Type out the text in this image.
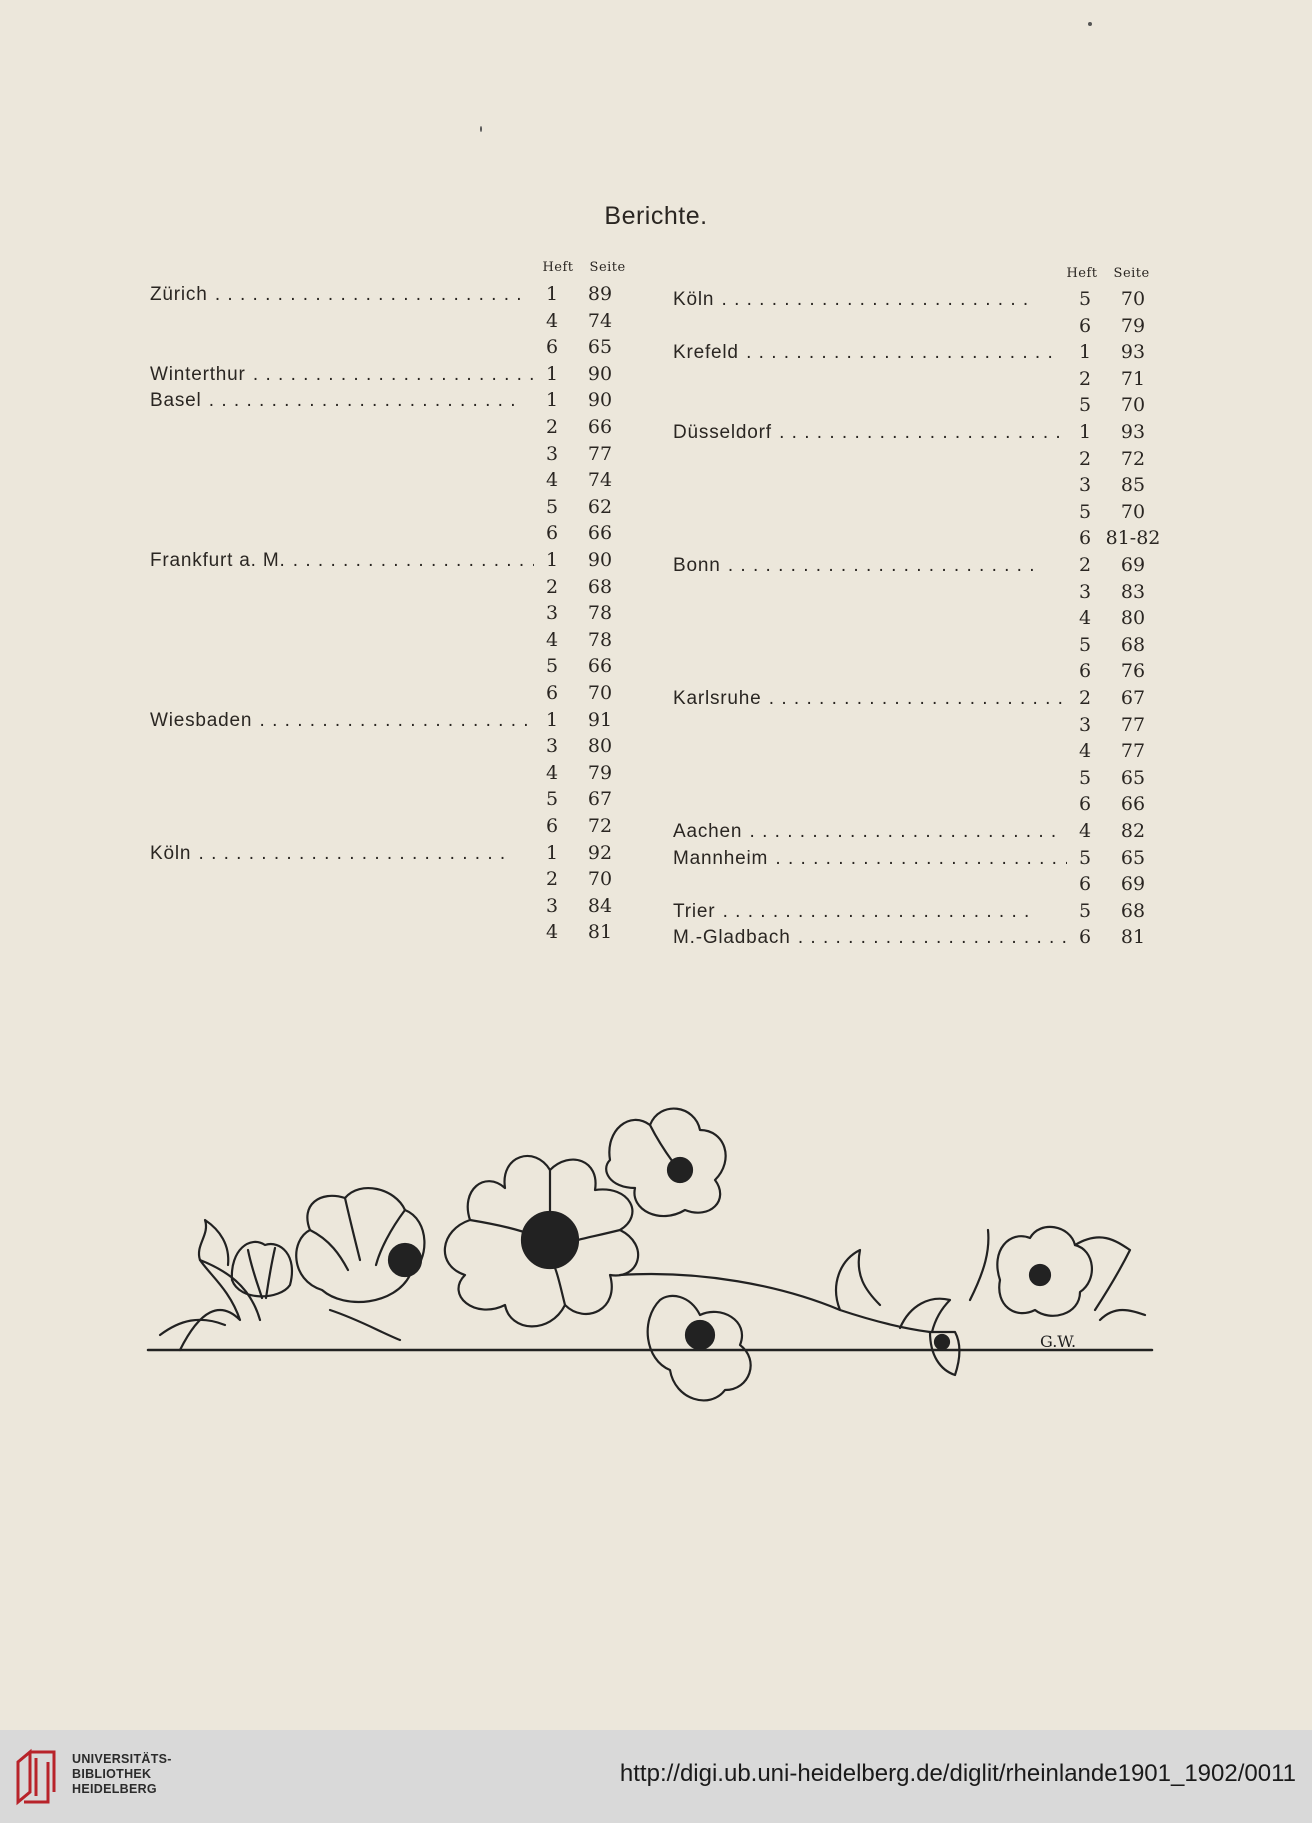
Berichte.
Heft Seite	Heft Seite
Zürich . .	1	89
4	74
6	65
Winterthur . .	1	90
Basel . .	1	90
2	66
3	77
4	74
5	62
6	66
Frankfurt a. M. . .	1	90
2	68
3	78
4	78
5	66
6	70
Wiesbaden . .	1	91
3	80
4	79
5	67
6	72
Köln . .	1	92
2	70
3	84
4	81
Köln . .	5	70
6	79
Krefeld . .	1	93
2	71
5	70
Düsseldorf . .	1	93
2	72
3	85
5	70
6 81-82
Bonn . .	2	69
3	83
4	80
5	68
6	76
Karlsruhe . .	2	67
3	77
4	77
5	65
6	66
Aachen . .	4	82
Mannheim . .	5	65
6	69
Trier . .	5	68
M.-Gladbach . .	6	81
G.W.
UNIVERSITÄTS-
BIBLIOTHEK
HEIDELBERG
http://digi.ub.uni-heidelberg.de/diglit/rheinlande1901_1902/0011
